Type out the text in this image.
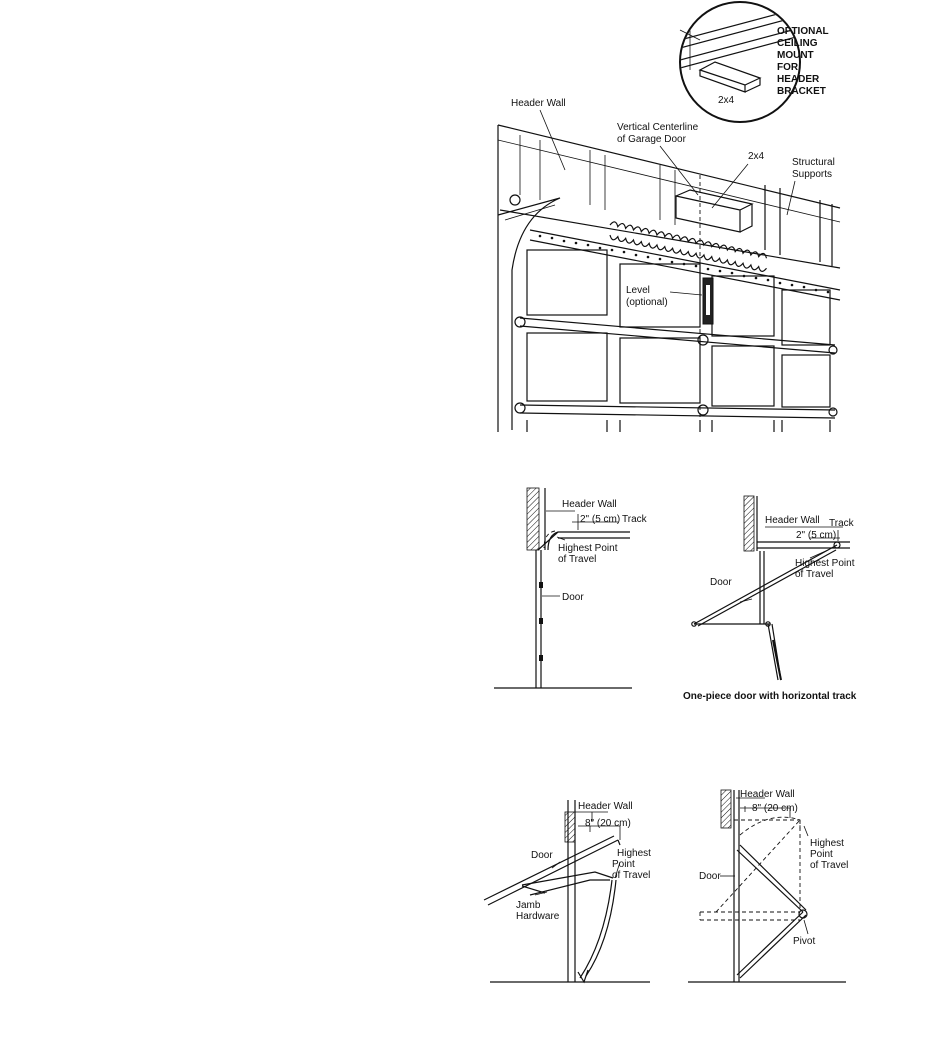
OPTIONAL
CEILING
MOUNT
FOR
HEADER
BRACKET
2x4
Header Wall
Vertical Centerline
of Garage Door
2x4
Structural
Supports
Level
(optional)
Header Wall
2" (5 cm) Track
Highest Point
of Travel
Door
Header Wall Track
2" (5 cm)
Highest Point
of Travel
Door
One-piece door with horizontal track
Header Wall
8" (20 cm)
Door	Highest
Point
of Travel
Jamb
Hardware
Header Wall
8" (20 cm)
Highest
Point
of Travel
Door
Pivot
